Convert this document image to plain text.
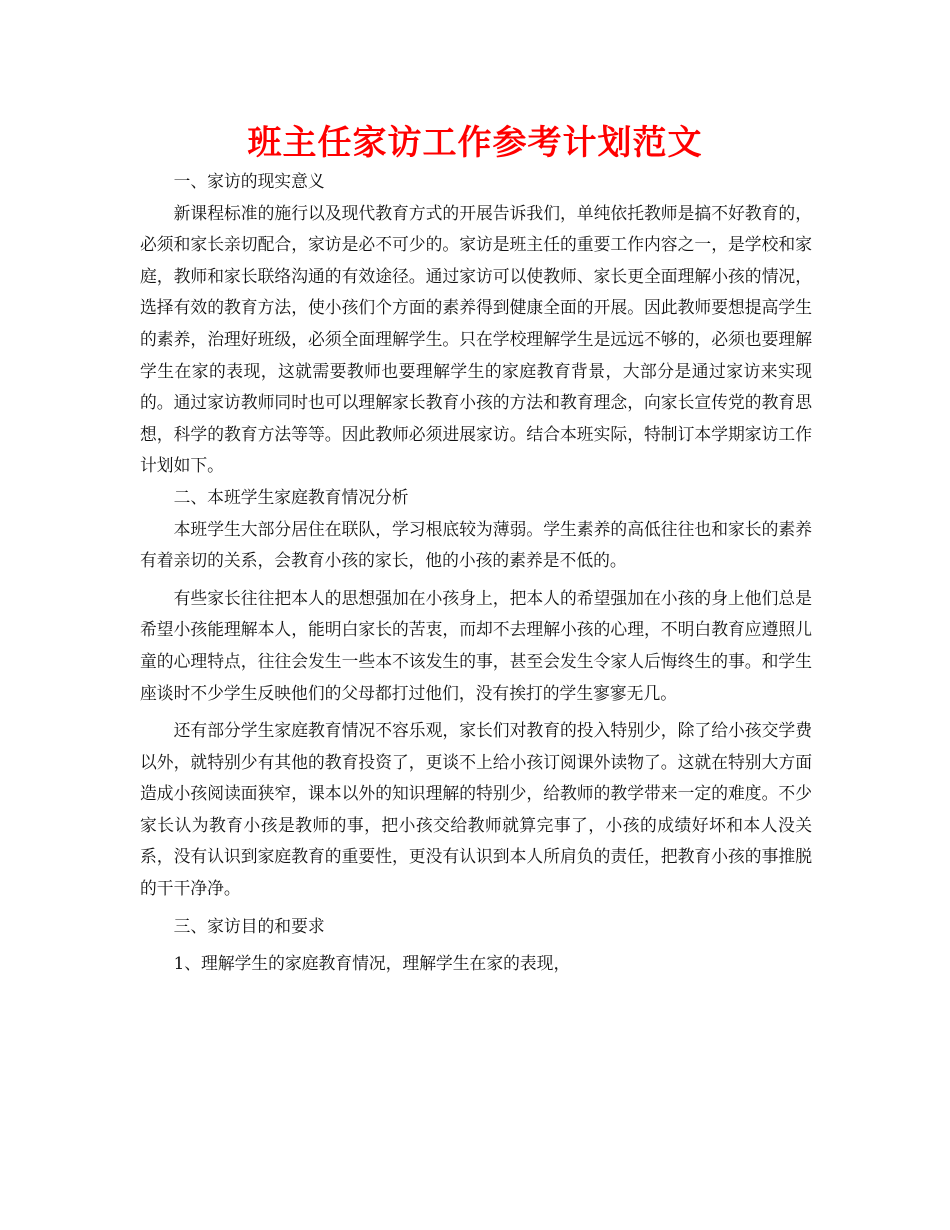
班主任家访工作参考计划范文

一、家访的现实意义

新课程标准的施行以及现代教育方式的开展告诉我们，单纯依托教师是搞不好教育的，必须和家长亲切配合，家访是必不可少的。家访是班主任的重要工作内容之一，是学校和家庭，教师和家长联络沟通的有效途径。通过家访可以使教师、家长更全面理解小孩的情况，选择有效的教育方法，使小孩们个方面的素养得到健康全面的开展。因此教师要想提高学生的素养，治理好班级，必须全面理解学生。只在学校理解学生是远远不够的，必须也要理解学生在家的表现，这就需要教师也要理解学生的家庭教育背景，大部分是通过家访来实现的。通过家访教师同时也可以理解家长教育小孩的方法和教育理念，向家长宣传党的教育思想，科学的教育方法等等。因此教师必须进展家访。结合本班实际，特制订本学期家访工作计划如下。

二、本班学生家庭教育情况分析

本班学生大部分居住在联队，学习根底较为薄弱。学生素养的高低往往也和家长的素养有着亲切的关系，会教育小孩的家长，他的小孩的素养是不低的。

有些家长往往把本人的思想强加在小孩身上，把本人的希望强加在小孩的身上他们总是希望小孩能理解本人，能明白家长的苦衷，而却不去理解小孩的心理，不明白教育应遵照儿童的心理特点，往往会发生一些本不该发生的事，甚至会发生令家人后悔终生的事。和学生座谈时不少学生反映他们的父母都打过他们，没有挨打的学生寥寥无几。

还有部分学生家庭教育情况不容乐观，家长们对教育的投入特别少，除了给小孩交学费以外，就特别少有其他的教育投资了，更谈不上给小孩订阅课外读物了。这就在特别大方面造成小孩阅读面狭窄，课本以外的知识理解的特别少，给教师的教学带来一定的难度。不少家长认为教育小孩是教师的事，把小孩交给教师就算完事了，小孩的成绩好坏和本人没关系，没有认识到家庭教育的重要性，更没有认识到本人所肩负的责任，把教育小孩的事推脱的干干净净。

三、家访目的和要求

1、理解学生的家庭教育情况，理解学生在家的表现，
